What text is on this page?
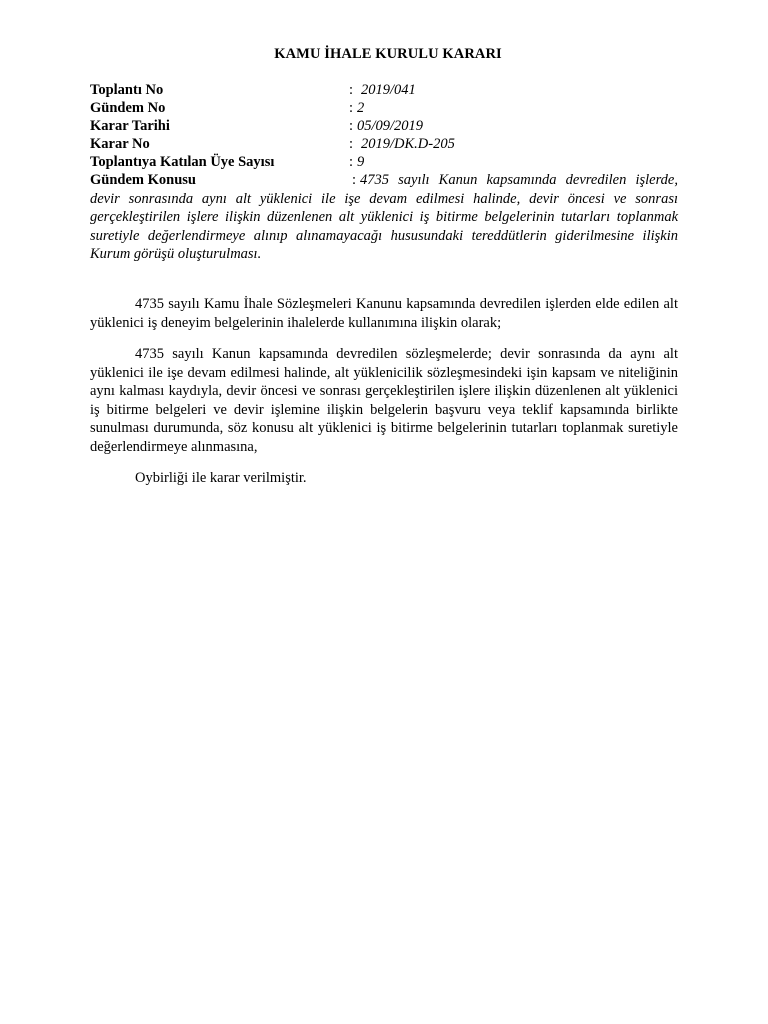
KAMU İHALE KURULU KARARI
Toplantı No	: 2019/041
Gündem No	: 2
Karar Tarihi	: 05/09/2019
Karar No	: 2019/DK.D-205
Toplantıya Katılan Üye Sayısı	: 9
Gündem Konusu	: 4735 sayılı Kanun kapsamında devredilen işlerde, devir sonrasında aynı alt yüklenici ile işe devam edilmesi halinde, devir öncesi ve sonrası gerçekleştirilen işlere ilişkin düzenlenen alt yüklenici iş bitirme belgelerinin tutarları toplanmak suretiyle değerlendirmeye alınıp alınamayacağı hususundaki tereddütlerin giderilmesine ilişkin Kurum görüşü oluşturulması.
4735 sayılı Kamu İhale Sözleşmeleri Kanunu kapsamında devredilen işlerden elde edilen alt yüklenici iş deneyim belgelerinin ihalelerde kullanımına ilişkin olarak;
4735 sayılı Kanun kapsamında devredilen sözleşmelerde; devir sonrasında da aynı alt yüklenici ile işe devam edilmesi halinde, alt yüklenicilik sözleşmesindeki işin kapsam ve niteliğinin aynı kalması kaydıyla, devir öncesi ve sonrası gerçekleştirilen işlere ilişkin düzenlenen alt yüklenici iş bitirme belgeleri ve devir işlemine ilişkin belgelerin başvuru veya teklif kapsamında birlikte sunulması durumunda, söz konusu alt yüklenici iş bitirme belgelerinin tutarları toplanmak suretiyle değerlendirmeye alınmasına,
Oybirliği ile karar verilmiştir.
